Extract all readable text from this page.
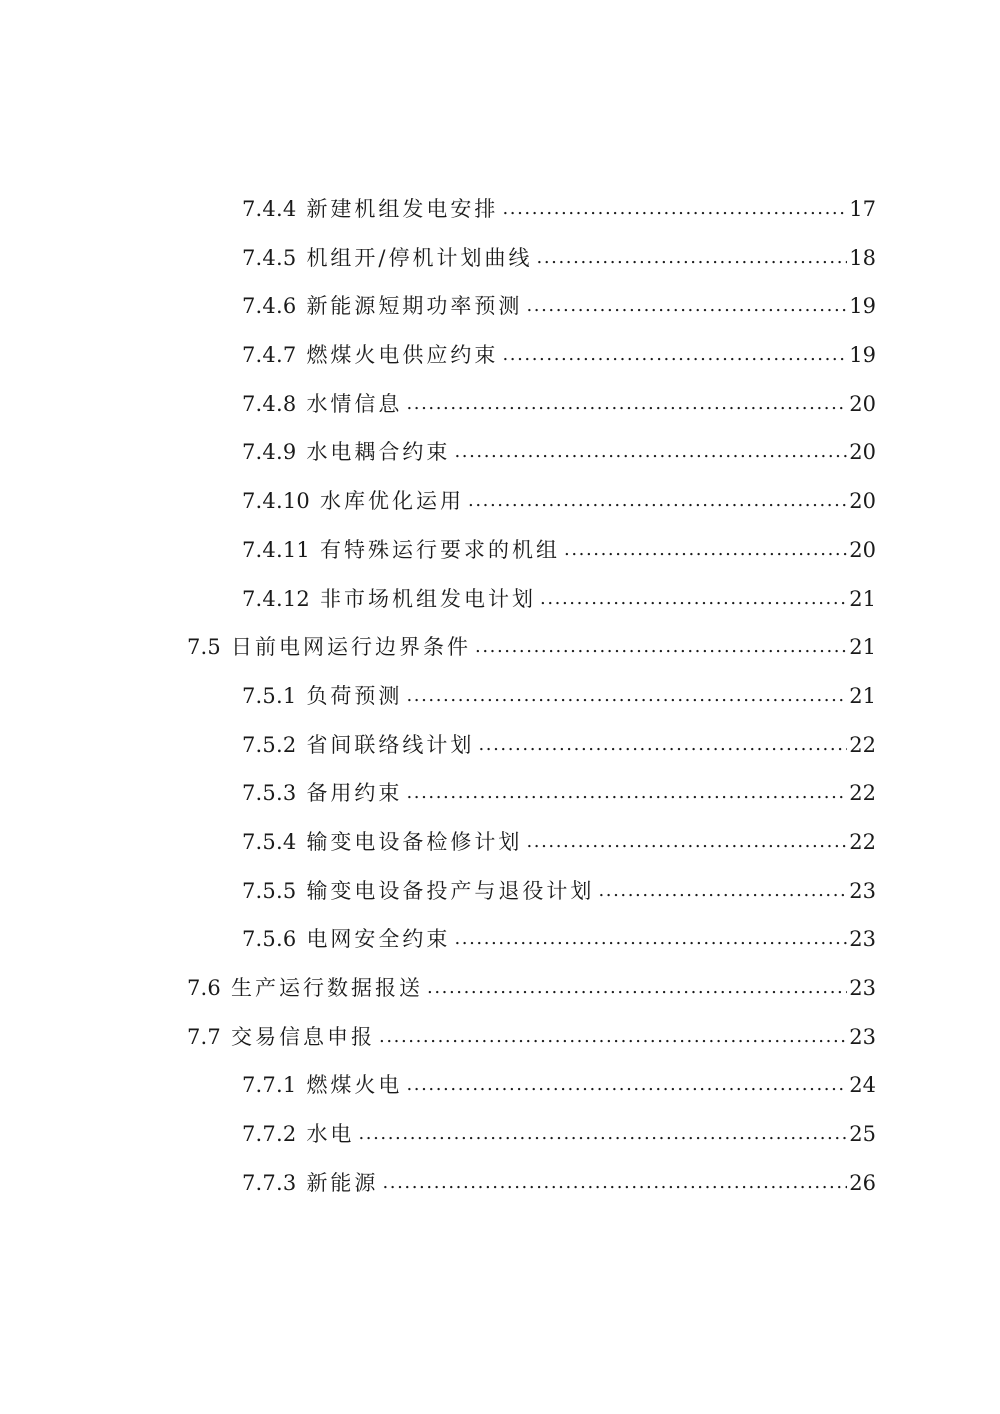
7.4.4 新建机组发电安排 .....	17
7.4.5 机组开/停机计划曲线 .....	18
7.4.6 新能源短期功率预测 .....	19
7.4.7 燃煤火电供应约束 .....	19
7.4.8 水情信息 .....	20
7.4.9 水电耦合约束 .....	20
7.4.10 水库优化运用 .....	20
7.4.11 有特殊运行要求的机组 .....	20
7.4.12 非市场机组发电计划 .....	21
7.5 日前电网运行边界条件 .....	21
7.5.1 负荷预测 .....	21
7.5.2 省间联络线计划 .....	22
7.5.3 备用约束 .....	22
7.5.4 输变电设备检修计划 .....	22
7.5.5 输变电设备投产与退役计划 .....	23
7.5.6 电网安全约束 .....	23
7.6 生产运行数据报送 .....	23
7.7 交易信息申报 .....	23
7.7.1 燃煤火电 .....	24
7.7.2 水电 .....	25
7.7.3 新能源 .....	26
